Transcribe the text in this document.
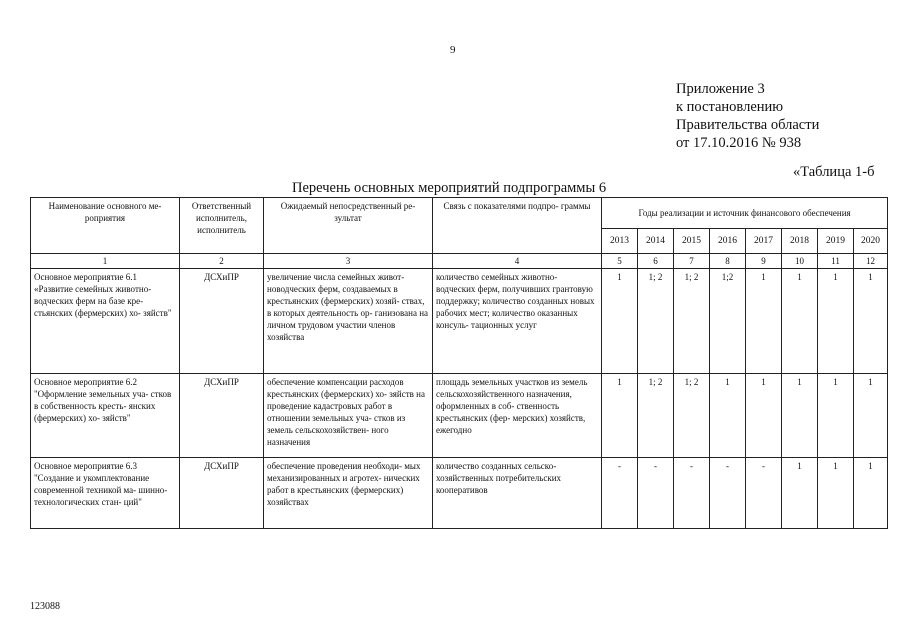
9
Приложение 3
к постановлению
Правительства области
от 17.10.2016 № 938
«Таблица 1-б
Перечень основных мероприятий подпрограммы 6
Наименование основного ме- роприятия	Ответственный исполнитель, исполнитель	Ожидаемый непосредственный ре- зультат	Связь с показателями подпро- граммы	Годы реализации и источник финансового обеспечения							
				2013	2014	2015	2016	2017	2018	2019	2020
1	2	3	4	5	6	7	8	9	10	11	12
Основное мероприятие 6.1 «Развитие семейных животно- водческих ферм на базе кре- стьянских (фермерских) хо- зяйств"	ДСХиПР	увеличение числа семейных живот- новодческих ферм, создаваемых в крестьянских (фермерских) хозяй- ствах, в которых деятельность ор- ганизована на личном трудовом участии членов хозяйства	количество семейных животно- водческих ферм, получивших грантовую поддержку; количество созданных новых рабочих мест; количество оказанных консуль- тационных услуг	1	1; 2	1; 2	1;2	1	1	1	1
Основное мероприятие 6.2 "Оформление земельных уча- стков в собственность кресть- янских (фермерских) хо- зяйств"	ДСХиПР	обеспечение компенсации расходов крестьянских (фермерских) хо- зяйств на проведение кадастровых работ в отношении земельных уча- стков из земель сельскохозяйствен- ного назначения	площадь земельных участков из земель сельскохозяйственного назначения, оформленных в соб- ственность крестьянских (фер- мерских) хозяйств, ежегодно	1	1; 2	1; 2	1	1	1	1	1
Основное мероприятие 6.3 "Создание и укомплектование современной техникой ма- шинно-технологических стан- ций"	ДСХиПР	обеспечение проведения необходи- мых механизированных и агротех- нических работ в крестьянских (фермерских) хозяйствах	количество созданных сельско- хозяйственных потребительских кооперативов	-	-	-	-	-	1	1	1
123088
